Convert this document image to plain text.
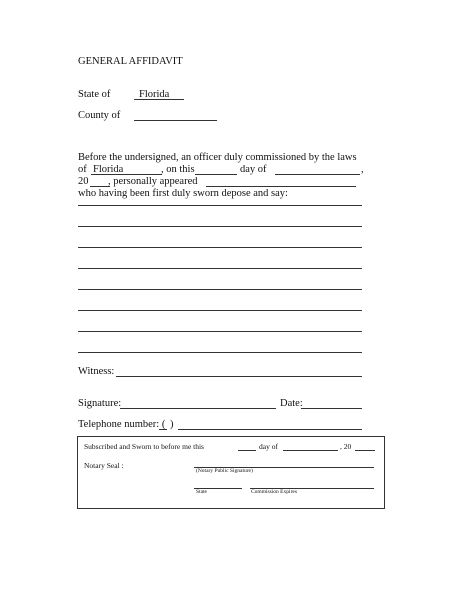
GENERAL AFFIDAVIT
State of	Florida
County of
Before the undersigned, an officer duly commissioned by the laws
of Florida	, on this	day of	,
20 , personally appeared
who having been first duly sworn depose and say:
Witness:
Signature:	Date:
Telephone number: ( )
Subscribed and Sworn to before me this	day of	, 20
Notary Seal :
(Notary Public Signature)
State	Commission Expires
